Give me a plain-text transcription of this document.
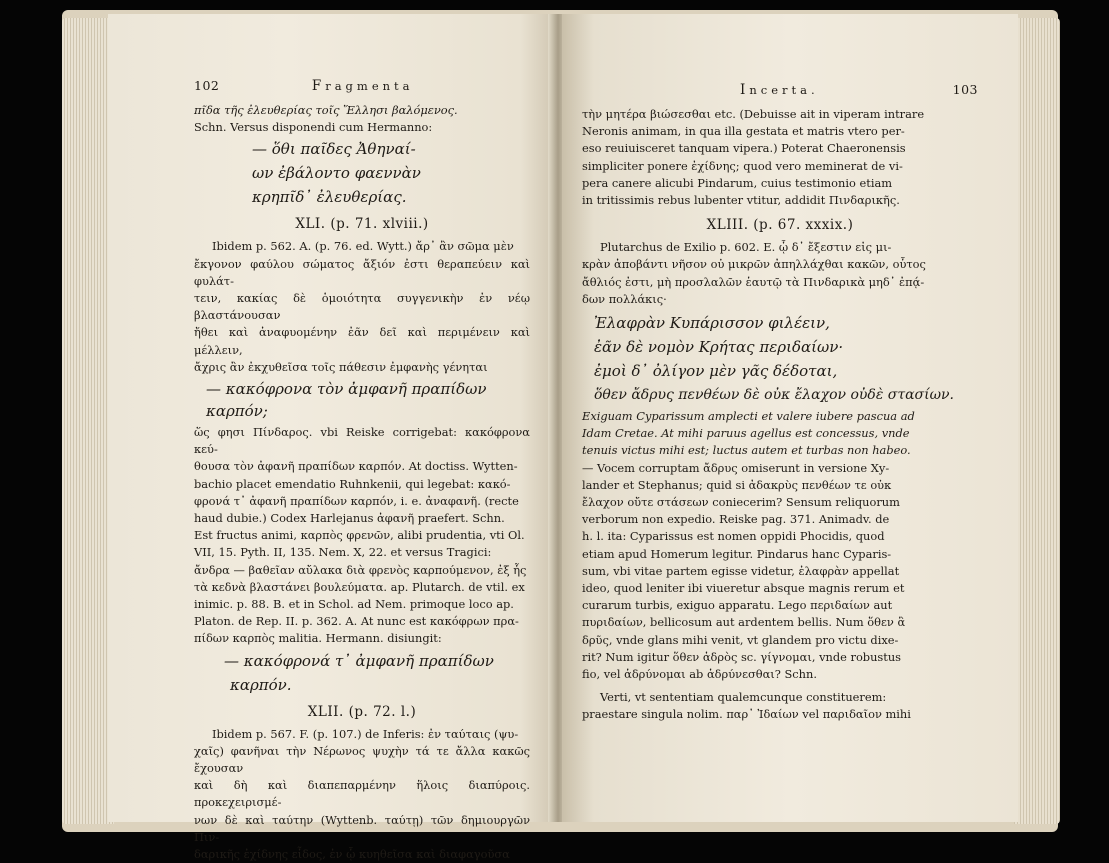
102	Fragmenta

πῖδα τῆς ἐλευθερίας τοῖς Ἕλλησι βαλόμενος.

Schn. Versus disponendi cum Hermanno:

— ὅθι παῖδες Ἀθηναί-
ων ἐβάλοντο φαεννὰν
κρηπῖδ᾽ ἐλευθερίας.
XLI. (p. 71. xlviii.)

Ibidem p. 562. A. (p. 76. ed. Wytt.) ἄρ᾽ ἂν σῶμα μὲν

ἔκγονον φαύλου σώματος ἄξιόν ἐστι θεραπεύειν καὶ φυλάτ-

τειν, κακίας δὲ ὁμοιότητα συγγενικὴν ἐν νέῳ βλαστάνουσαν

ἤθει καὶ ἀναφυομένην ἐᾶν δεῖ καὶ περιμένειν καὶ μέλλειν,

ἄχρις ἂν ἐκχυθεῖσα τοῖς πάθεσιν ἐμφανὴς γένηται

— κακόφρονα τὸν ἀμφανῆ πραπίδων καρπόν;

ὥς φησι Πίνδαρος. vbi Reiske corrigebat: κακόφρονα κεύ-

θουσα τὸν ἀφανῆ πραπίδων καρπόν. At doctiss. Wytten-

bachio placet emendatio Ruhnkenii, qui legebat: κακό-

φρονά τ᾽ ἀφανῆ πραπίδων καρπόν, i. e. ἀναφανῆ. (recte

haud dubie.) Codex Harlejanus ἀφανῆ praefert. Schn.

Est fructus animi, καρπὸς φρενῶν, alibi prudentia, vti Ol.

VII, 15. Pyth. II, 135. Nem. X, 22. et versus Tragici:

ἄνδρα — βαθεῖαν αὔλακα διὰ φρενὸς καρπούμενον, ἐξ ἧς

τὰ κεδνὰ βλαστάνει βουλεύματα. ap. Plutarch. de vtil. ex

inimic. p. 88. B. et in Schol. ad Nem. primoque loco ap.

Platon. de Rep. II. p. 362. A. At nunc est κακόφρων πρα-

πίδων καρπὸς malitia. Hermann. disiungit:

— κακόφρονά τ᾽ ἀμφανῆ πραπίδων
καρπόν.
XLII. (p. 72. l.)

Ibidem p. 567. F. (p. 107.) de Inferis: ἐν ταύταις (ψυ-

χαῖς) φανῆναι τὴν Νέρωνος ψυχὴν τά τε ἄλλα κακῶς ἔχουσαν

καὶ δὴ καὶ διαπεπαρμένην ἥλοις διαπύροις. προκεχειρισμέ-

νων δὲ καὶ ταύτην (Wyttenb. ταύτῃ) τῶν δημιουργῶν Πιν-

δαρικῆς ἐχίδνης εἶδος, ἐν ᾧ κυηθεῖσα καὶ διαφαγοῦσα

Incerta.	103

τὴν μητέρα βιώσεσθαι etc. (Debuisse ait in viperam intrare

Neronis animam, in qua illa gestata et matris vtero per-

eso reuiuisceret tanquam vipera.) Poterat Chaeronensis

simpliciter ponere ἐχίδνης; quod vero meminerat de vi-

pera canere alicubi Pindarum, cuius testimonio etiam

in tritissimis rebus lubenter vtitur, addidit Πινδαρικῆς.

XLIII. (p. 67. xxxix.)

Plutarchus de Exilio p. 602. E. ᾧ δ᾽ ἔξεστιν εἰς μι-

κρὰν ἀποβάντι νῆσον οὐ μικρῶν ἀπηλλάχθαι κακῶν, οὗτος

ἄθλιός ἐστι, μὴ προσλαλῶν ἑαυτῷ τὰ Πινδαρικὰ μηδ᾽ ἐπᾴ-

δων πολλάκις·

Ἐλαφρὰν Κυπάρισσον φιλέειν,
ἐᾶν δὲ νομὸν Κρήτας περιδαίων·
ἐμοὶ δ᾽ ὀλίγον μὲν γᾶς δέδοται,
ὅθεν ἄδρυς πενθέων δὲ οὐκ ἔλαχον οὐδὲ στασίων.

Exiguam Cyparissum amplecti et valere iubere pascua ad

Idam Cretae. At mihi paruus agellus est concessus, vnde

tenuis victus mihi est; luctus autem et turbas non habeo.

— Vocem corruptam ἄδρυς omiserunt in versione Xy-

lander et Stephanus; quid si ἀδακρὺς πενθέων τε οὐκ

ἔλαχον οὔτε στάσεων coniecerim? Sensum reliquorum

verborum non expedio. Reiske pag. 371. Animadv. de

h. l. ita: Cyparissus est nomen oppidi Phocidis, quod

etiam apud Homerum legitur. Pindarus hanc Cyparis-

sum, vbi vitae partem egisse videtur, ἐλαφρὰν appellat

ideo, quod leniter ibi viueretur absque magnis rerum et

curarum turbis, exiguo apparatu. Lego περιδαίων aut

πυριδαίων, bellicosum aut ardentem bellis. Num ὅθεν ἃ

δρῦς, vnde glans mihi venit, vt glandem pro victu dixe-

rit? Num igitur ὅθεν ἁδρὸς sc. γίγνομαι, vnde robustus

fio, vel ἁδρύνομαι ab ἁδρύνεσθαι? Schn.

Verti, vt sententiam qualemcunque constituerem:

praestare singula nolim. παρ᾽ Ἰδαίων vel παριδαῖον mihi
